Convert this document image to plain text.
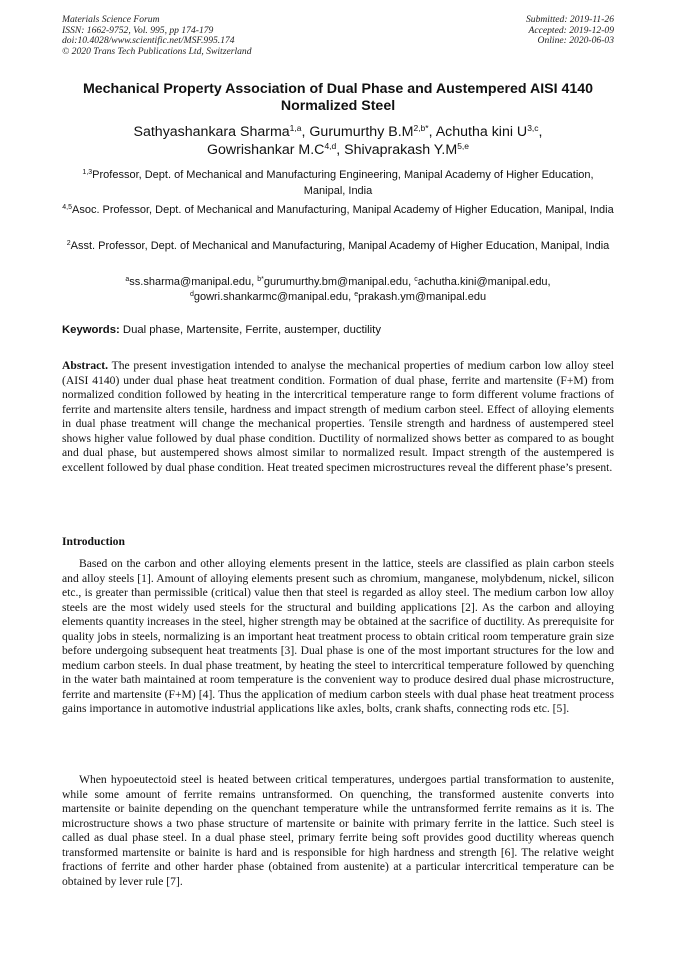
Materials Science Forum
ISSN: 1662-9752, Vol. 995, pp 174-179
doi:10.4028/www.scientific.net/MSF.995.174
© 2020 Trans Tech Publications Ltd, Switzerland
Submitted: 2019-11-26
Accepted: 2019-12-09
Online: 2020-06-03
Mechanical Property Association of Dual Phase and Austempered AISI 4140 Normalized Steel

Sathyashankara Sharma$^{1,a}$, Gurumurthy $B.M^{2,b*}$, Achutha kini U$^{3,c}$,
Gowrishankar $M.C^{4,d}$, Shivaprakash $Y.M^{5,e}$

$^{1,3}$Professor, Dept. of Mechanical and Manufacturing Engineering, Manipal Academy of Higher Education, Manipal, India

$^{4,5}$Asoc. Professor, Dept. of Mechanical and Manufacturing, Manipal Academy of Higher Education, Manipal, India

$^2$Asst. Professor, Dept. of Mechanical and Manufacturing, Manipal Academy of Higher Education, Manipal, India

$^a$ss.sharma@manipal.edu, $^{b*}$gurumurthy.bm@manipal.edu, $^c$achutha.kini@manipal.edu,
$^d$gowri.shankarmc@manipal.edu, $^e$prakash.ym@manipal.edu

Keywords: Dual phase, Martensite, Ferrite, austemper, ductility

Abstract. The present investigation intended to analyse the mechanical properties of medium carbon low alloy steel (AISI 4140) under dual phase heat treatment condition. Formation of dual phase, ferrite and martensite (F+M) from normalized condition followed by heating in the intercritical temperature range to form different volume fractions of ferrite and martensite alters tensile, hardness and impact strength of medium carbon steel. Effect of alloying elements in dual phase treatment will change the mechanical properties. Tensile strength and hardness of austempered steel shows higher value followed by dual phase condition. Ductility of normalized shows better as compared to as bought and dual phase, but austempered shows almost similar to normalized result. Impact strength of the austempered is excellent followed by dual phase condition. Heat treated specimen microstructures reveal the different phase’s present.

Introduction

Based on the carbon and other alloying elements present in the lattice, steels are classified as plain carbon steels and alloy steels [1]. Amount of alloying elements present such as chromium, manganese, molybdenum, nickel, silicon etc., is greater than permissible (critical) value then that steel is regarded as alloy steel. The medium carbon low alloy steels are the most widely used steels for the structural and building applications [2]. As the carbon and alloying elements quantity increases in the steel, higher strength may be obtained at the sacrifice of ductility. As prerequisite for quality jobs in steels, normalizing is an important heat treatment process to obtain critical room temperature grain size before undergoing subsequent heat treatments [3]. Dual phase is one of the most important structures for the low and medium carbon steels. In dual phase treatment, by heating the steel to intercritical temperature followed by quenching in the water bath maintained at room temperature is the convenient way to produce desired dual phase microstructure, ferrite and martensite (F+M) [4]. Thus the application of medium carbon steels with dual phase heat treatment process gains importance in automotive industrial applications like axles, bolts, crank shafts, connecting rods etc. [5].

When hypoeutectoid steel is heated between critical temperatures, undergoes partial transformation to austenite, while some amount of ferrite remains untransformed. On quenching, the transformed austenite converts into martensite or bainite depending on the quenchant temperature while the untransformed ferrite remains as it is. The microstructure shows a two phase structure of martensite or bainite with primary ferrite in the lattice. Such steel is called as dual phase steel. In a dual phase steel, primary ferrite being soft provides good ductility whereas quench transformed martensite or bainite is hard and is responsible for high hardness and strength [6]. The relative weight fractions of ferrite and other harder phase (obtained from austenite) at a particular intercritical temperature can be obtained by lever rule [7].
